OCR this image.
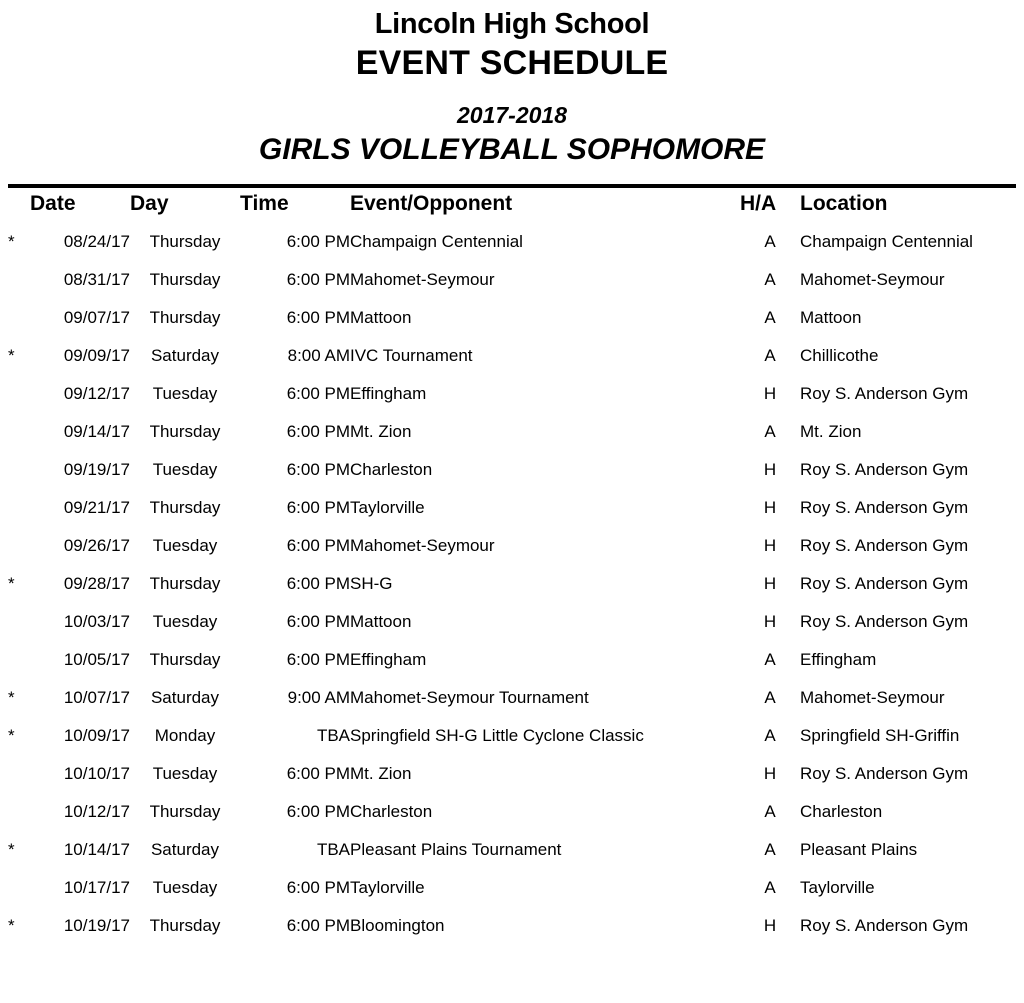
Lincoln High School
EVENT SCHEDULE
2017-2018
GIRLS VOLLEYBALL SOPHOMORE
	Date	Day	Time	Event/Opponent	H/A	Location
*	08/24/17	Thursday	6:00 PM	Champaign Centennial	A	Champaign Centennial
	08/31/17	Thursday	6:00 PM	Mahomet-Seymour	A	Mahomet-Seymour
	09/07/17	Thursday	6:00 PM	Mattoon	A	Mattoon
*	09/09/17	Saturday	8:00 AM	IVC Tournament	A	Chillicothe
	09/12/17	Tuesday	6:00 PM	Effingham	H	Roy S. Anderson Gym
	09/14/17	Thursday	6:00 PM	Mt. Zion	A	Mt. Zion
	09/19/17	Tuesday	6:00 PM	Charleston	H	Roy S. Anderson Gym
	09/21/17	Thursday	6:00 PM	Taylorville	H	Roy S. Anderson Gym
	09/26/17	Tuesday	6:00 PM	Mahomet-Seymour	H	Roy S. Anderson Gym
*	09/28/17	Thursday	6:00 PM	SH-G	H	Roy S. Anderson Gym
	10/03/17	Tuesday	6:00 PM	Mattoon	H	Roy S. Anderson Gym
	10/05/17	Thursday	6:00 PM	Effingham	A	Effingham
*	10/07/17	Saturday	9:00 AM	Mahomet-Seymour Tournament	A	Mahomet-Seymour
*	10/09/17	Monday	TBA	Springfield SH-G Little Cyclone Classic	A	Springfield SH-Griffin
	10/10/17	Tuesday	6:00 PM	Mt. Zion	H	Roy S. Anderson Gym
	10/12/17	Thursday	6:00 PM	Charleston	A	Charleston
*	10/14/17	Saturday	TBA	Pleasant Plains Tournament	A	Pleasant Plains
	10/17/17	Tuesday	6:00 PM	Taylorville	A	Taylorville
*	10/19/17	Thursday	6:00 PM	Bloomington	H	Roy S. Anderson Gym
